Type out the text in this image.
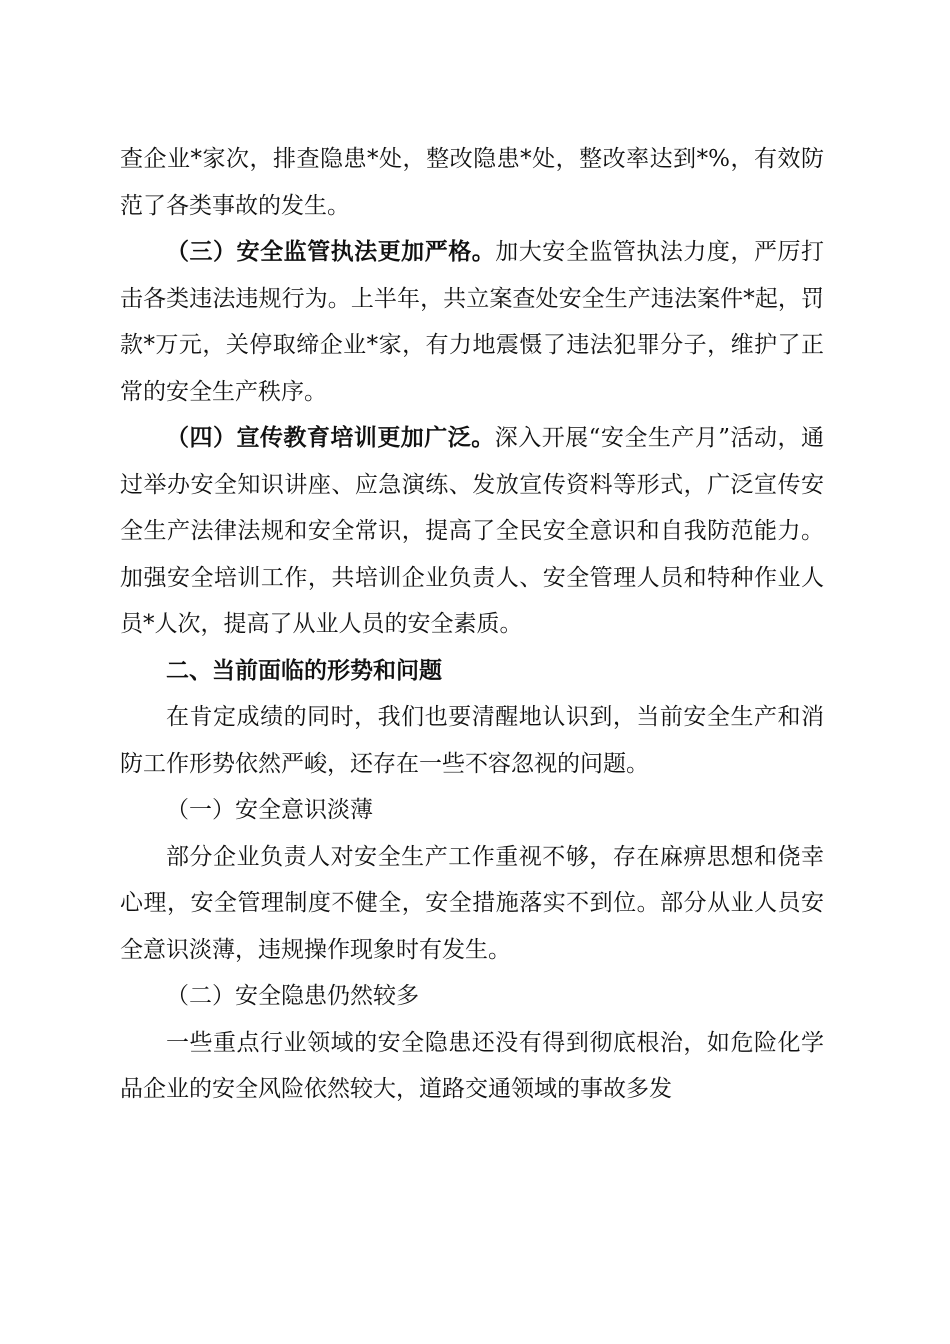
查企业*家次，排查隐患*处，整改隐患*处，整改率达到*%，有效防范了各类事故的发生。

（三）安全监管执法更加严格。加大安全监管执法力度，严厉打击各类违法违规行为。上半年，共立案查处安全生产违法案件*起，罚款*万元，关停取缔企业*家，有力地震慑了违法犯罪分子，维护了正常的安全生产秩序。

（四）宣传教育培训更加广泛。深入开展“安全生产月”活动，通过举办安全知识讲座、应急演练、发放宣传资料等形式，广泛宣传安全生产法律法规和安全常识，提高了全民安全意识和自我防范能力。加强安全培训工作，共培训企业负责人、安全管理人员和特种作业人员*人次，提高了从业人员的安全素质。

二、当前面临的形势和问题

在肯定成绩的同时，我们也要清醒地认识到，当前安全生产和消防工作形势依然严峻，还存在一些不容忽视的问题。

（一）安全意识淡薄

部分企业负责人对安全生产工作重视不够，存在麻痹思想和侥幸心理，安全管理制度不健全，安全措施落实不到位。部分从业人员安全意识淡薄，违规操作现象时有发生。

（二）安全隐患仍然较多

一些重点行业领域的安全隐患还没有得到彻底根治，如危险化学品企业的安全风险依然较大，道路交通领域的事故多发
